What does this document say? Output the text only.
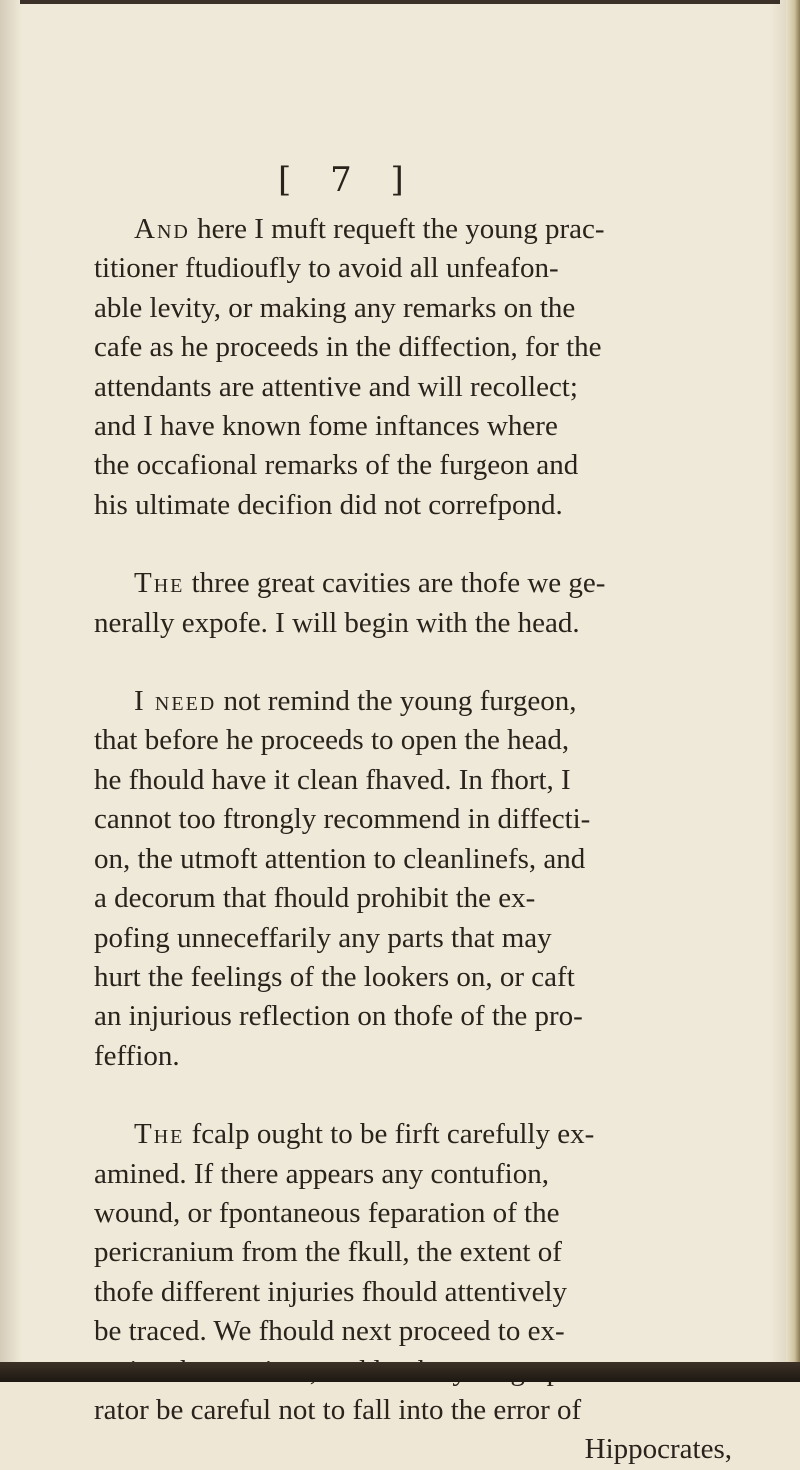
[ 7 ]
And here I muft requeft the young prac-
titioner ftudioufly to avoid all unfeafon-
able levity, or making any remarks on the
cafe as he proceeds in the diffection, for the
attendants are attentive and will recollect;
and I have known fome inftances where
the occafional remarks of the furgeon and
his ultimate decifion did not correfpond.
The three great cavities are thofe we ge-
nerally expofe. I will begin with the head.
I need not remind the young furgeon,
that before he proceeds to open the head,
he fhould have it clean fhaved. In fhort, I
cannot too ftrongly recommend in diffecti-
on, the utmoft attention to cleanlinefs, and
a decorum that fhould prohibit the ex-
pofing unneceffarily any parts that may
hurt the feelings of the lookers on, or caft
an injurious reflection on thofe of the pro-
feffion.
The fcalp ought to be firft carefully ex-
amined. If there appears any contufion,
wound, or fpontaneous feparation of the
pericranium from the fkull, the extent of
thofe different injuries fhould attentively
be traced. We fhould next proceed to ex-
rator be careful not to fall into the error of
Hippocrates,
